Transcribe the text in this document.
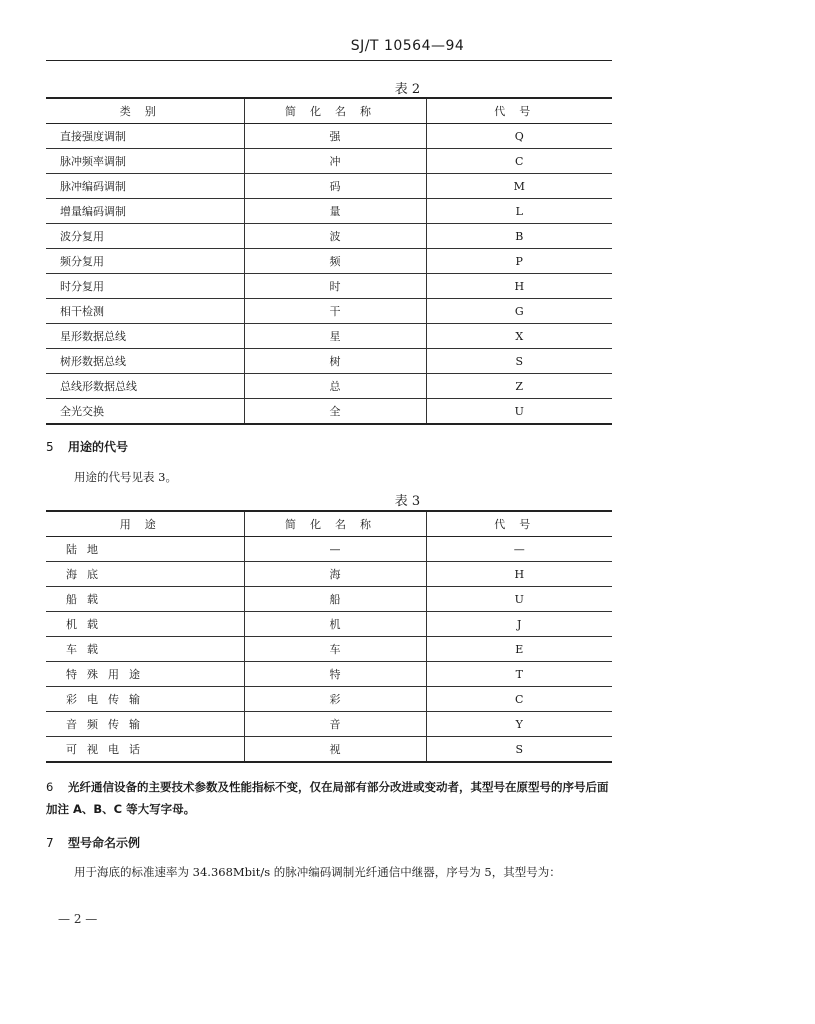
SJ/T 10564—94
表 2
类别	简化名称	代号
直接强度调制	强	Q
脉冲频率调制	冲	C
脉冲编码调制	码	M
增量编码调制	量	L
波分复用	波	B
频分复用	频	P
时分复用	时	H
相干检测	干	G
星形数据总线	星	X
树形数据总线	树	S
总线形数据总线	总	Z
全光交换	全	U
5 用途的代号
用途的代号见表 3。
表 3
用途	简化名称	代号
陆地	—	—
海底	海	H
船载	船	U
机载	机	J
车载	车	E
特殊用途	特	T
彩电传输	彩	C
音频传输	音	Y
可视电话	视	S
6 光纤通信设备的主要技术参数及性能指标不变，仅在局部有部分改进或变动者，其型号在原型号的序号后面加注 A、B、C 等大写字母。
7 型号命名示例
用于海底的标准速率为 34.368Mbit/s 的脉冲编码调制光纤通信中继器，序号为 5，其型号为：
— 2 —
